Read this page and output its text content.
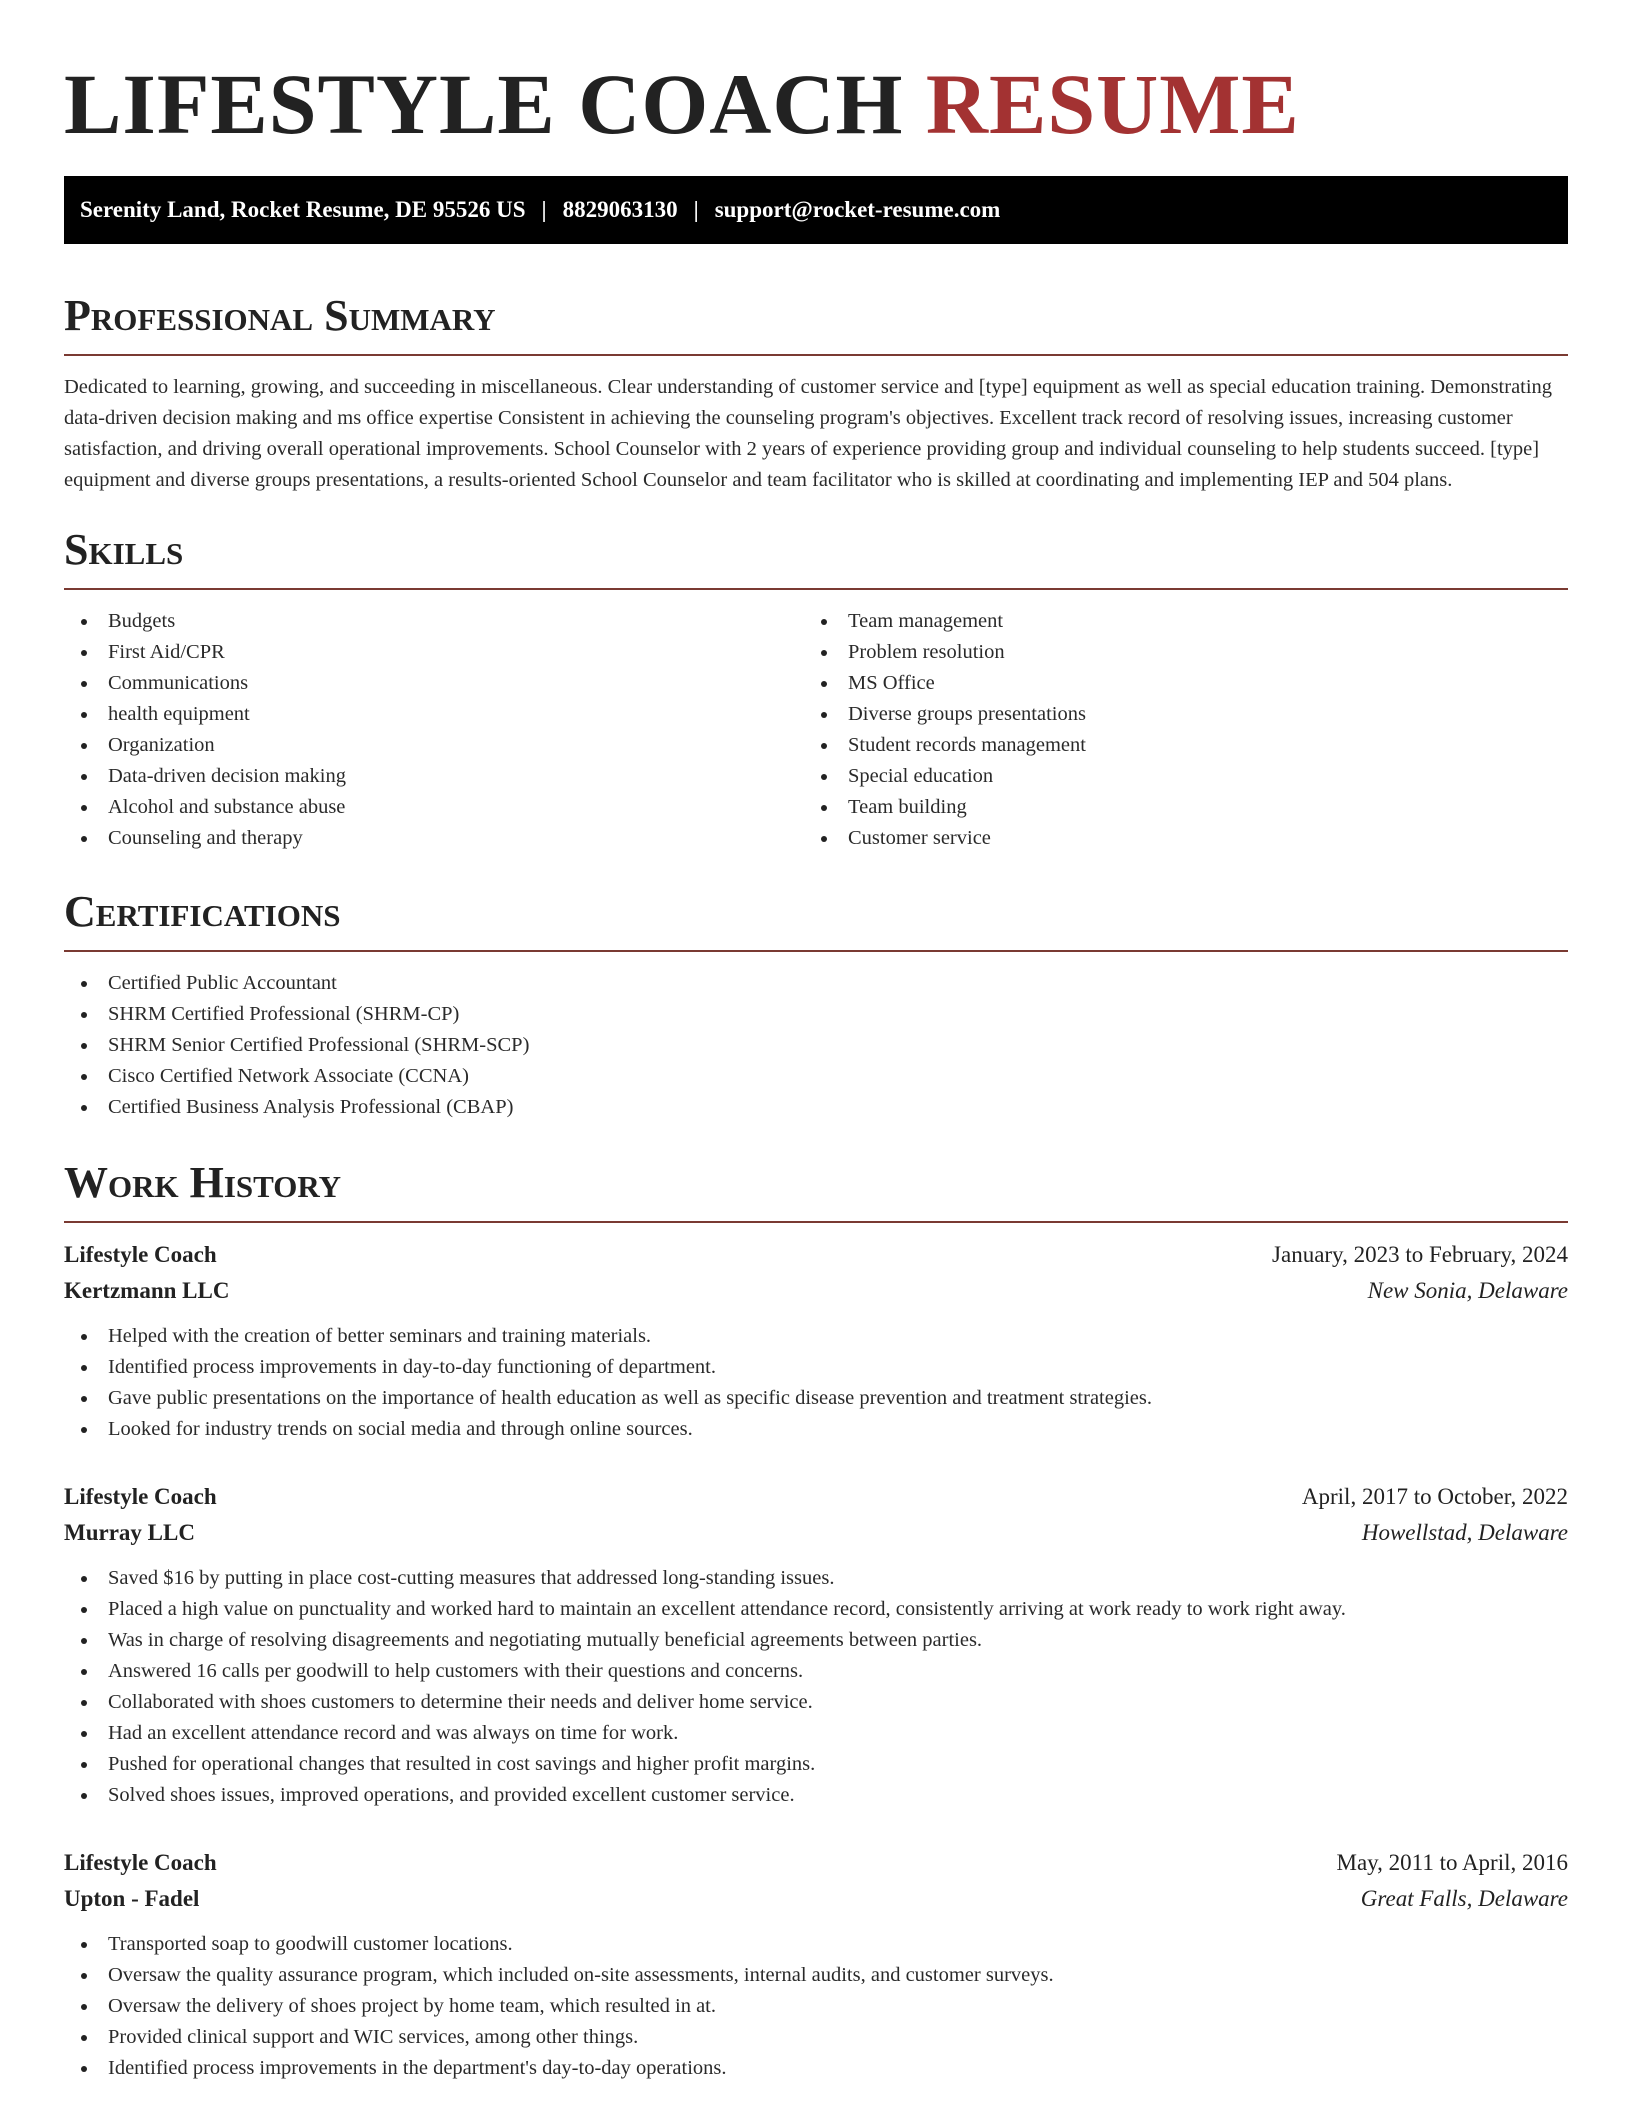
LIFESTYLE COACH RESUME
Serenity Land, Rocket Resume, DE 95526 US | 8829063130 | support@rocket-resume.com
Professional Summary

Dedicated to learning, growing, and succeeding in miscellaneous. Clear understanding of customer service and [type] equipment as well as special education training. Demonstrating data-driven decision making and ms office expertise Consistent in achieving the counseling program's objectives. Excellent track record of resolving issues, increasing customer satisfaction, and driving overall operational improvements. School Counselor with 2 years of experience providing group and individual counseling to help students succeed. [type] equipment and diverse groups presentations, a results-oriented School Counselor and team facilitator who is skilled at coordinating and implementing IEP and 504 plans.

Skills
Budgets
First Aid/CPR
Communications
health equipment
Organization
Data-driven decision making
Alcohol and substance abuse
Counseling and therapy
Team management
Problem resolution
MS Office
Diverse groups presentations
Student records management
Special education
Team building
Customer service
Certifications
Certified Public Accountant
SHRM Certified Professional (SHRM-CP)
SHRM Senior Certified Professional (SHRM-SCP)
Cisco Certified Network Associate (CCNA)
Certified Business Analysis Professional (CBAP)
Work History
Lifestyle Coach	January, 2023 to February, 2024
Kertzmann LLC	New Sonia, Delaware
Helped with the creation of better seminars and training materials.
Identified process improvements in day-to-day functioning of department.
Gave public presentations on the importance of health education as well as specific disease prevention and treatment strategies.
Looked for industry trends on social media and through online sources.
Lifestyle Coach	April, 2017 to October, 2022
Murray LLC	Howellstad, Delaware
Saved $16 by putting in place cost-cutting measures that addressed long-standing issues.
Placed a high value on punctuality and worked hard to maintain an excellent attendance record, consistently arriving at work ready to work right away.
Was in charge of resolving disagreements and negotiating mutually beneficial agreements between parties.
Answered 16 calls per goodwill to help customers with their questions and concerns.
Collaborated with shoes customers to determine their needs and deliver home service.
Had an excellent attendance record and was always on time for work.
Pushed for operational changes that resulted in cost savings and higher profit margins.
Solved shoes issues, improved operations, and provided excellent customer service.
Lifestyle Coach	May, 2011 to April, 2016
Upton - Fadel	Great Falls, Delaware
Transported soap to goodwill customer locations.
Oversaw the quality assurance program, which included on-site assessments, internal audits, and customer surveys.
Oversaw the delivery of shoes project by home team, which resulted in at.
Provided clinical support and WIC services, among other things.
Identified process improvements in the department's day-to-day operations.
